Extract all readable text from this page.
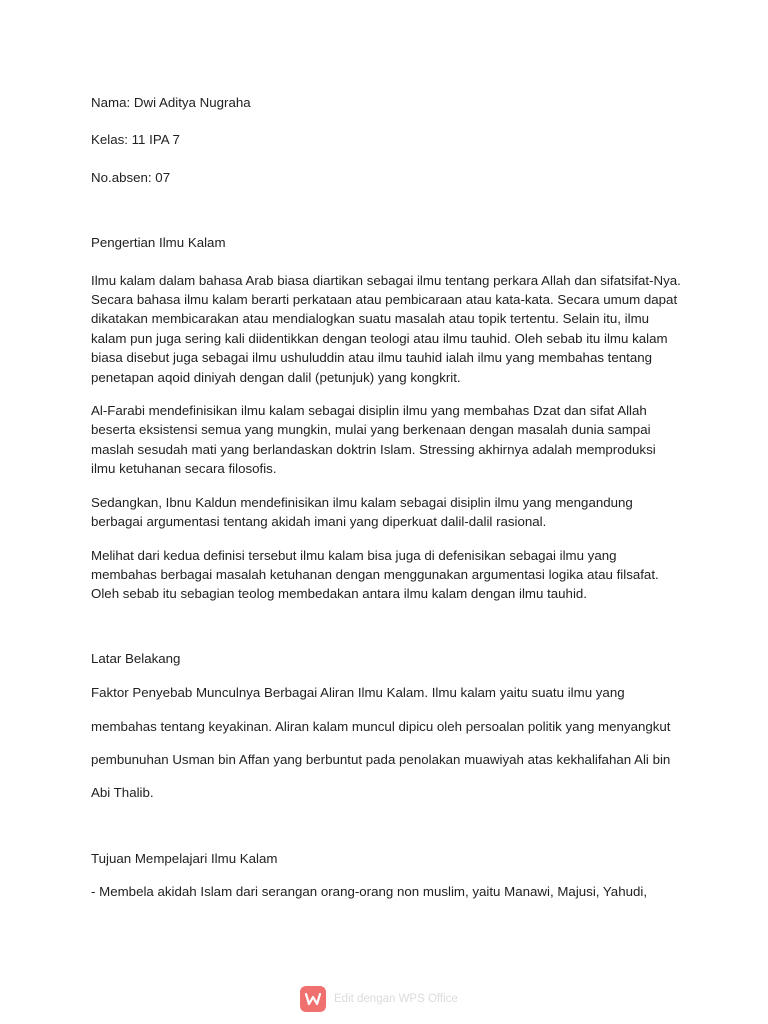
Nama: Dwi Aditya Nugraha

Kelas: 11 IPA 7

No.absen: 07

Pengertian Ilmu Kalam

Ilmu kalam dalam bahasa Arab biasa diartikan sebagai ilmu tentang perkara Allah dan sifatsifat-Nya. Secara bahasa ilmu kalam berarti perkataan atau pembicaraan atau kata-kata. Secara umum dapat dikatakan membicarakan atau mendialogkan suatu masalah atau topik tertentu. Selain itu, ilmu kalam pun juga sering kali diidentikkan dengan teologi atau ilmu tauhid. Oleh sebab itu ilmu kalam biasa disebut juga sebagai ilmu ushuluddin atau ilmu tauhid ialah ilmu yang membahas tentang penetapan aqoid diniyah dengan dalil (petunjuk) yang kongkrit.

Al-Farabi mendefinisikan ilmu kalam sebagai disiplin ilmu yang membahas Dzat dan sifat Allah beserta eksistensi semua yang mungkin, mulai yang berkenaan dengan masalah dunia sampai maslah sesudah mati yang berlandaskan doktrin Islam. Stressing akhirnya adalah memproduksi ilmu ketuhanan secara filosofis.

Sedangkan, Ibnu Kaldun mendefinisikan ilmu kalam sebagai disiplin ilmu yang mengandung berbagai argumentasi tentang akidah imani yang diperkuat dalil-dalil rasional.

Melihat dari kedua definisi tersebut ilmu kalam bisa juga di defenisikan sebagai ilmu yang membahas berbagai masalah ketuhanan dengan menggunakan argumentasi logika atau filsafat. Oleh sebab itu sebagian teolog membedakan antara ilmu kalam dengan ilmu tauhid.

Latar Belakang

Faktor Penyebab Munculnya Berbagai Aliran Ilmu Kalam. Ilmu kalam yaitu suatu ilmu yang

membahas tentang keyakinan. Aliran kalam muncul dipicu oleh persoalan politik yang menyangkut

pembunuhan Usman bin Affan yang berbuntut pada penolakan muawiyah atas kekhalifahan Ali bin

Abi Thalib.

Tujuan Mempelajari Ilmu Kalam

- Membela akidah Islam dari serangan orang-orang non muslim, yaitu Manawi, Majusi, Yahudi,

Edit dengan WPS Office
